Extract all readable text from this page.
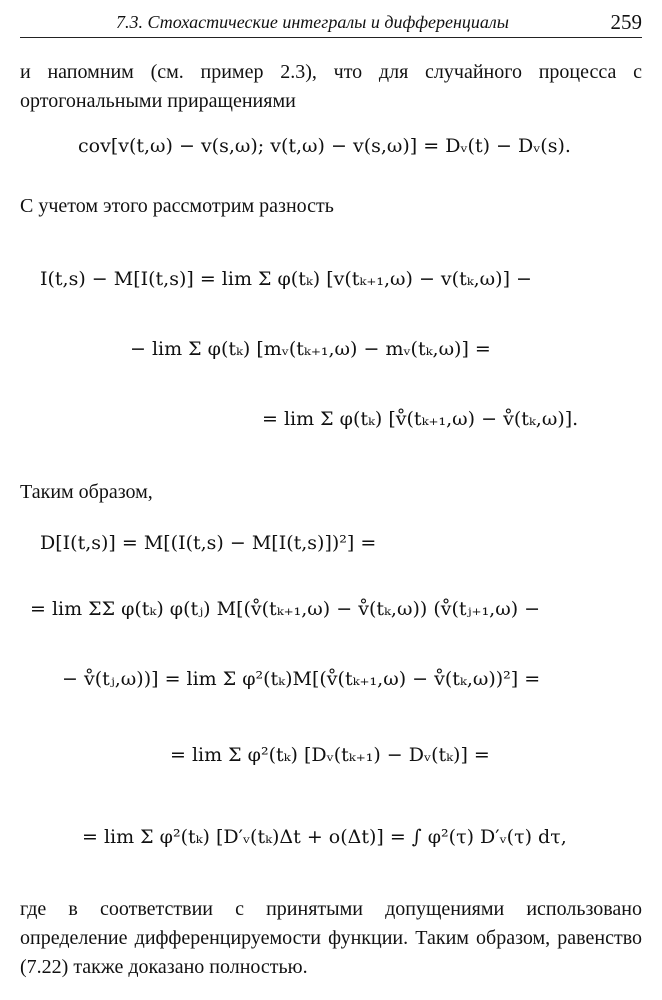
7.3. Стохастические интегралы и дифференциалы	259

и напомним (см. пример 2.3), что для случайного процесса с ортогональными приращениями

cov[v(t,ω) − v(s,ω); v(t,ω) − v(s,ω)] = Dᵥ(t) − Dᵥ(s).

С учетом этого рассмотрим разность

I(t,s) − M[I(t,s)] = lim Σ φ(tₖ) [v(tₖ₊₁,ω) − v(tₖ,ω)] −
− lim Σ φ(tₖ) [mᵥ(tₖ₊₁,ω) − mᵥ(tₖ,ω)] =
= lim Σ φ(tₖ) [v̊(tₖ₊₁,ω) − v̊(tₖ,ω)].

Таким образом,

D[I(t,s)] = M[(I(t,s) − M[I(t,s)])²] =
= lim ΣΣ φ(tₖ) φ(tⱼ) M[(v̊(tₖ₊₁,ω) − v̊(tₖ,ω)) (v̊(tⱼ₊₁,ω) −
− v̊(tⱼ,ω))] = lim Σ φ²(tₖ)M[(v̊(tₖ₊₁,ω) − v̊(tₖ,ω))²] =
= lim Σ φ²(tₖ) [Dᵥ(tₖ₊₁) − Dᵥ(tₖ)] =
= lim Σ φ²(tₖ) [D′ᵥ(tₖ)Δt + o(Δt)] = ∫ φ²(τ) D′ᵥ(τ) dτ,

где в соответствии с принятыми допущениями использовано определение дифференцируемости функции. Таким образом, равенство (7.22) также доказано полностью.
